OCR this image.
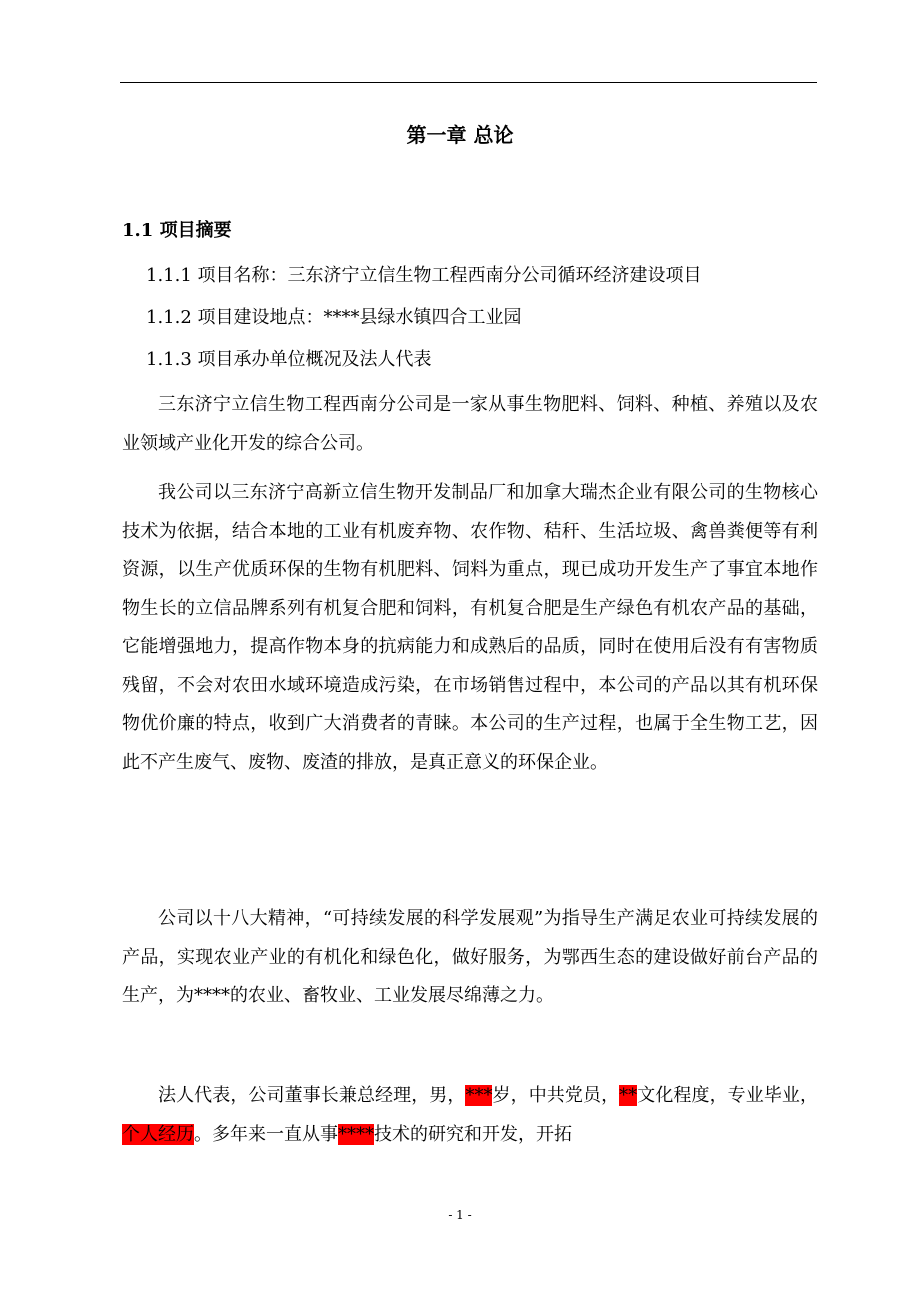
第一章 总论
1.1 项目摘要
1.1.1 项目名称：三东济宁立信生物工程西南分公司循环经济建设项目
1.1.2 项目建设地点：****县绿水镇四合工业园
1.1.3 项目承办单位概况及法人代表

三东济宁立信生物工程西南分公司是一家从事生物肥料、饲料、种植、养殖以及农业领域产业化开发的综合公司。

我公司以三东济宁高新立信生物开发制品厂和加拿大瑞杰企业有限公司的生物核心技术为依据，结合本地的工业有机废弃物、农作物、秸秆、生活垃圾、禽兽粪便等有利资源，以生产优质环保的生物有机肥料、饲料为重点，现已成功开发生产了事宜本地作物生长的立信品牌系列有机复合肥和饲料，有机复合肥是生产绿色有机农产品的基础，它能增强地力，提高作物本身的抗病能力和成熟后的品质，同时在使用后没有有害物质残留，不会对农田水域环境造成污染，在市场销售过程中，本公司的产品以其有机环保物优价廉的特点，收到广大消费者的青睐。本公司的生产过程，也属于全生物工艺，因此不产生废气、废物、废渣的排放，是真正意义的环保企业。

公司以十八大精神，“可持续发展的科学发展观”为指导生产满足农业可持续发展的产品，实现农业产业的有机化和绿色化，做好服务，为鄂西生态的建设做好前台产品的生产，为****的农业、畜牧业、工业发展尽绵薄之力。

法人代表，公司董事长兼总经理，男，***岁，中共党员，**文化程度，专业毕业，个人经历。多年来一直从事****技术的研究和开发，开拓

- 1 -
